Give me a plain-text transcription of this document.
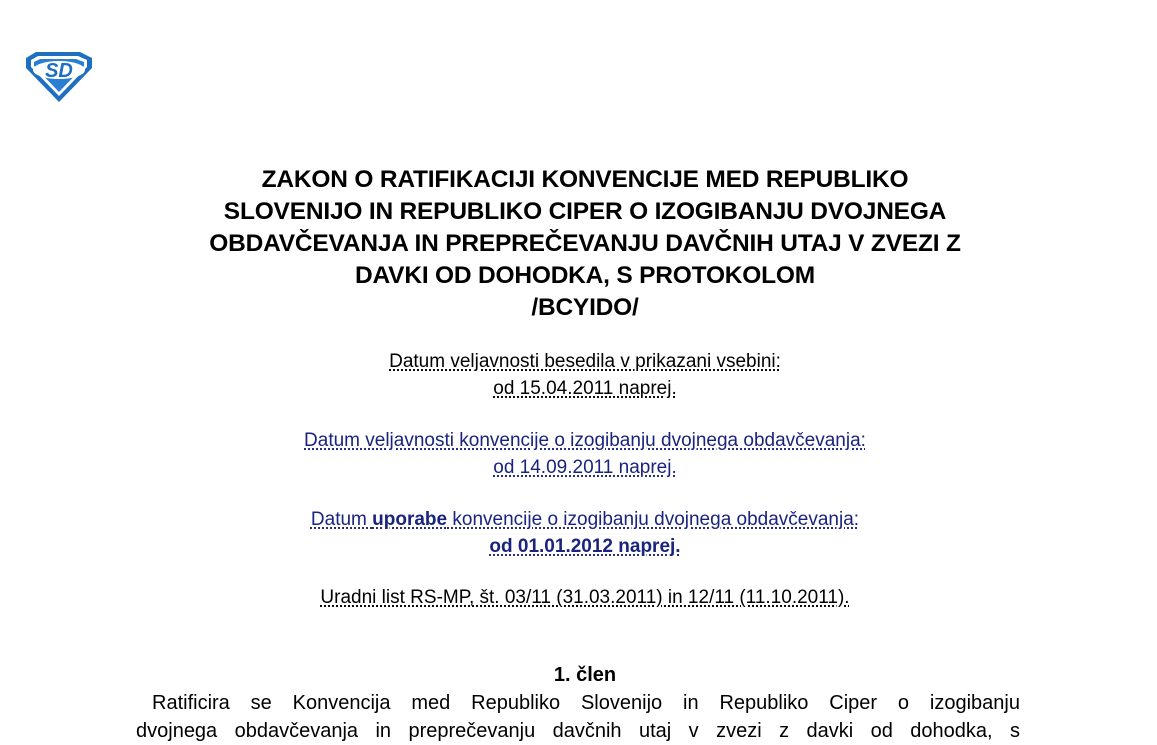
SD
ZAKON O RATIFIKACIJI KONVENCIJE MED REPUBLIKO
SLOVENIJO IN REPUBLIKO CIPER O IZOGIBANJU DVOJNEGA
OBDAVČEVANJA IN PREPREČEVANJU DAVČNIH UTAJ V ZVEZI Z
DAVKI OD DOHODKA, S PROTOKOLOM
/BCYIDO/
Datum veljavnosti besedila v prikazani vsebini:
od 15.04.2011 naprej.
Datum veljavnosti konvencije o izogibanju dvojnega obdavčevanja:
od 14.09.2011 naprej.
Datum uporabe konvencije o izogibanju dvojnega obdavčevanja:
od 01.01.2012 naprej.
Uradni list RS-MP, št. 03/11 (31.03.2011) in 12/11 (11.10.2011).
1. člen
Ratificira se Konvencija med Republiko Slovenijo in Republiko Ciper o izogibanju
dvojnega obdavčevanja in preprečevanju davčnih utaj v zvezi z davki od dohodka, s
